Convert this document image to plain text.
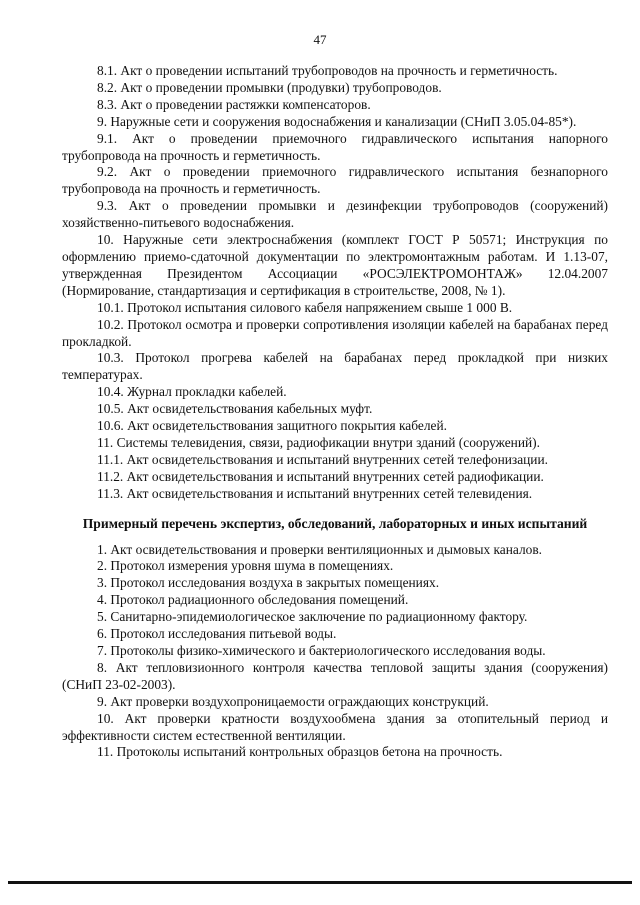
47

8.1. Акт о проведении испытаний трубопроводов на прочность и герметичность.

8.2. Акт о проведении промывки (продувки) трубопроводов.

8.3. Акт о проведении растяжки компенсаторов.

9. Наружные сети и сооружения водоснабжения и канализации (СНиП 3.05.04-85*).

9.1. Акт о проведении приемочного гидравлического испытания напорного трубопровода на прочность и герметичность.

9.2. Акт о проведении приемочного гидравлического испытания безнапорного трубопровода на прочность и герметичность.

9.3. Акт о проведении промывки и дезинфекции трубопроводов (сооружений) хозяйственно-питьевого водоснабжения.

10. Наружные сети электроснабжения (комплект ГОСТ Р 50571; Инструкция по оформлению приемо-сдаточной документации по электромонтажным работам. И 1.13-07, утвержденная Президентом Ассоциации «РОСЭЛЕКТРОМОНТАЖ» 12.04.2007 (Нормирование, стандартизация и сертификация в строительстве, 2008, № 1).

10.1. Протокол испытания силового кабеля напряжением свыше 1 000 В.

10.2. Протокол осмотра и проверки сопротивления изоляции кабелей на барабанах перед прокладкой.

10.3. Протокол прогрева кабелей на барабанах перед прокладкой при низких температурах.

10.4. Журнал прокладки кабелей.

10.5. Акт освидетельствования кабельных муфт.

10.6. Акт освидетельствования защитного покрытия кабелей.

11. Системы телевидения, связи, радиофикации внутри зданий (сооружений).

11.1. Акт освидетельствования и испытаний внутренних сетей телефонизации.

11.2. Акт освидетельствования и испытаний внутренних сетей радиофикации.

11.3. Акт освидетельствования и испытаний внутренних сетей телевидения.

Примерный перечень экспертиз, обследований, лабораторных и иных испытаний

1. Акт освидетельствования и проверки вентиляционных и дымовых каналов.

2. Протокол измерения уровня шума в помещениях.

3. Протокол исследования воздуха в закрытых помещениях.

4. Протокол радиационного обследования помещений.

5. Санитарно-эпидемиологическое заключение по радиационному фактору.

6. Протокол исследования питьевой воды.

7. Протоколы физико-химического и бактериологического исследования воды.

8. Акт тепловизионного контроля качества тепловой защиты здания (сооружения) (СНиП 23-02-2003).

9. Акт проверки воздухопроницаемости ограждающих конструкций.

10. Акт проверки кратности воздухообмена здания за отопительный период и эффективности систем естественной вентиляции.

11. Протоколы испытаний контрольных образцов бетона на прочность.
